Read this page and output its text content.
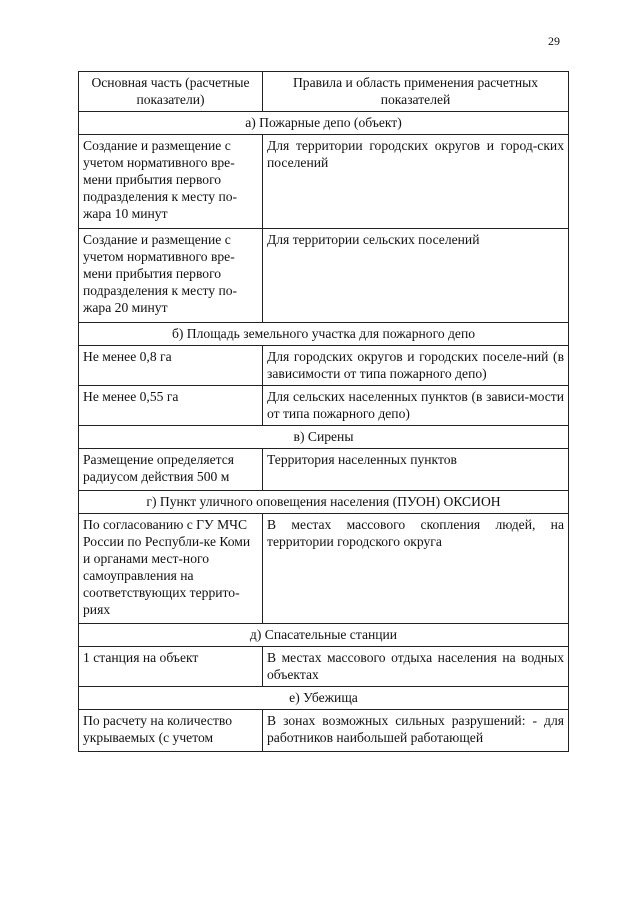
29
Основная часть (расчетные показатели)	Правила и область применения расчетных показателей
а) Пожарные депо (объект)	
Создание и размещение с учетом нормативного вре-мени прибытия первого подразделения к месту по-жара 10 минут	Для территории городских округов и город-ских поселений
Создание и размещение с учетом нормативного вре-мени прибытия первого подразделения к месту по-жара 20 минут	Для территории сельских поселений
б) Площадь земельного участка для пожарного депо	
Не менее 0,8 га	Для городских округов и городских поселе-ний (в зависимости от типа пожарного депо)
Не менее 0,55 га	Для сельских населенных пунктов (в зависи-мости от типа пожарного депо)
в) Сирены	
Размещение определяется радиусом действия 500 м	Территория населенных пунктов
г) Пункт уличного оповещения населения (ПУОН) ОКСИОН	
По согласованию с ГУ МЧС России по Республи-ке Коми и органами мест-ного самоуправления на соответствующих террито-риях	В местах массового скопления людей, на территории городского округа
д) Спасательные станции	
1 станция на объект	В местах массового отдыха населения на водных объектах
е) Убежища	
По расчету на количество укрываемых (с учетом	В зонах возможных сильных разрушений: - для работников наибольшей работающей
